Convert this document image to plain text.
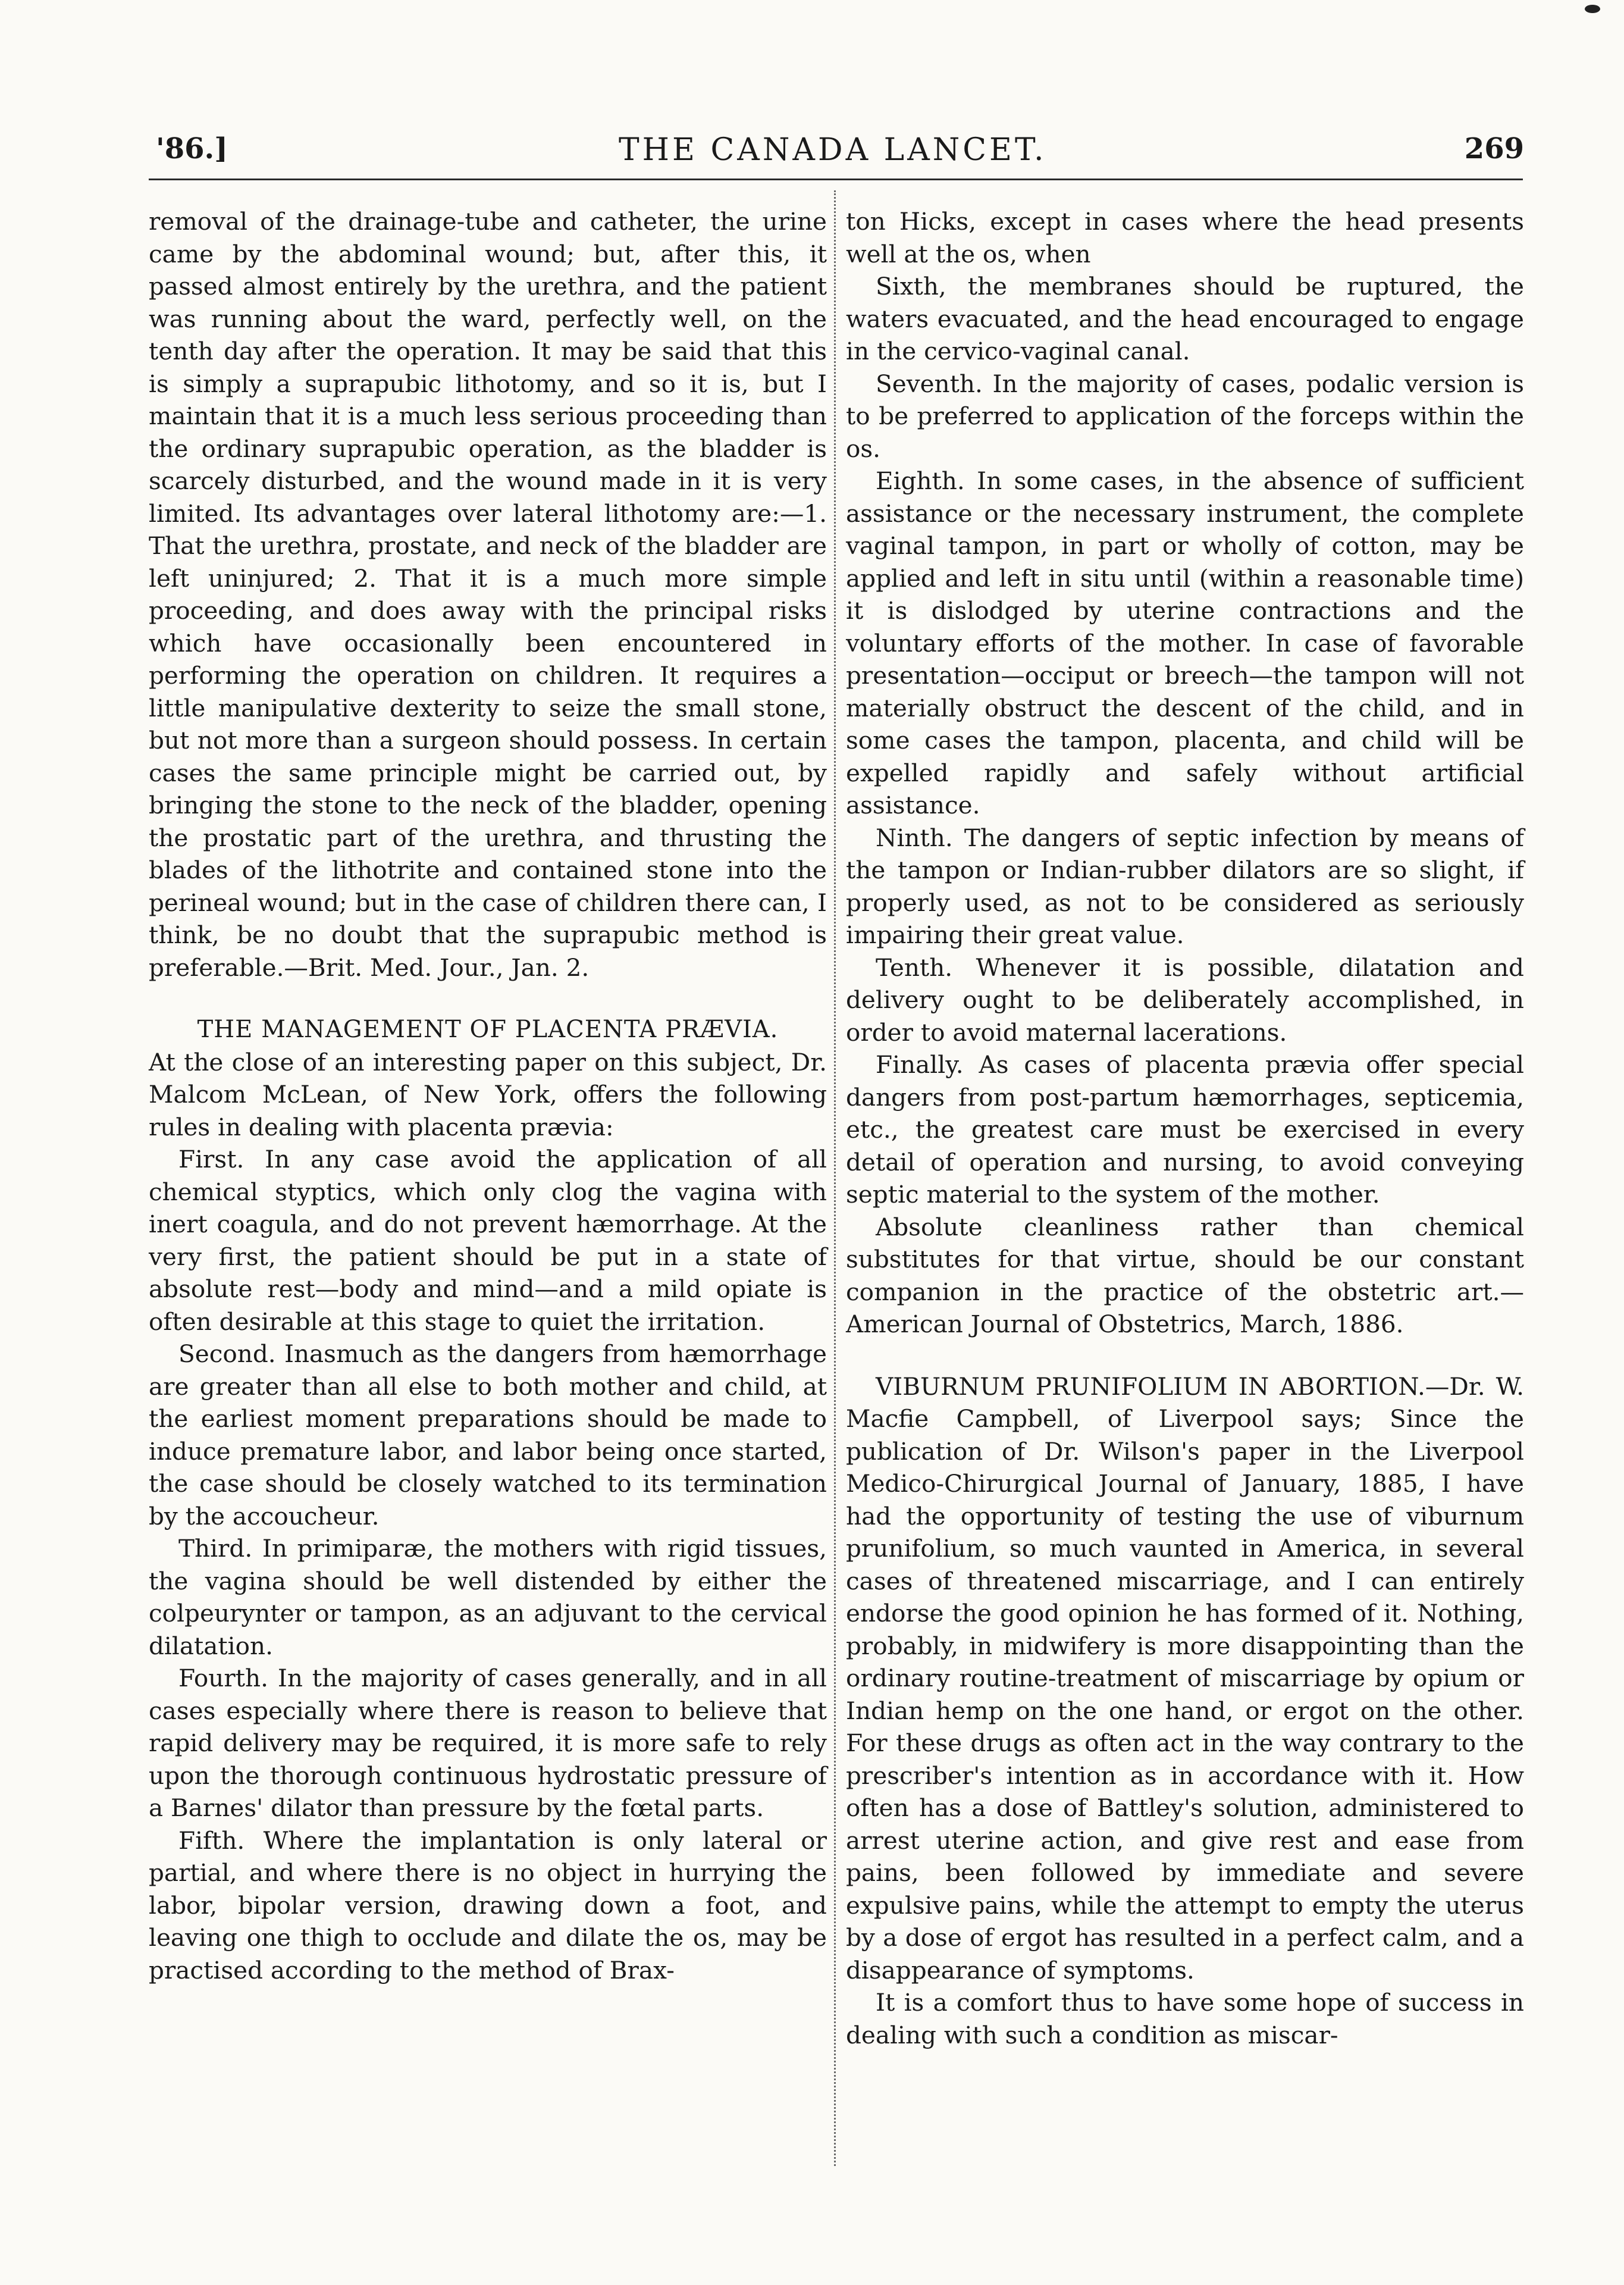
'86.]	THE CANADA LANCET.	269

removal of the drainage-tube and catheter, the urine came by the abdominal wound; but, after this, it passed almost entirely by the urethra, and the patient was running about the ward, perfectly well, on the tenth day after the operation. It may be said that this is simply a suprapubic lithotomy, and so it is, but I maintain that it is a much less serious proceeding than the ordinary suprapubic operation, as the bladder is scarcely disturbed, and the wound made in it is very limited. Its advantages over lateral lithotomy are:—1. That the urethra, prostate, and neck of the bladder are left uninjured; 2. That it is a much more simple proceeding, and does away with the principal risks which have occasionally been encountered in performing the operation on children. It requires a little manipulative dexterity to seize the small stone, but not more than a surgeon should possess. In certain cases the same principle might be carried out, by bringing the stone to the neck of the bladder, opening the prostatic part of the urethra, and thrusting the blades of the lithotrite and contained stone into the perineal wound; but in the case of children there can, I think, be no doubt that the suprapubic method is preferable.—Brit. Med. Jour., Jan. 2.

THE MANAGEMENT OF PLACENTA PRÆVIA.

At the close of an interesting paper on this subject, Dr. Malcom McLean, of New York, offers the following rules in dealing with placenta prævia:

First. In any case avoid the application of all chemical styptics, which only clog the vagina with inert coagula, and do not prevent hæmorrhage. At the very first, the patient should be put in a state of absolute rest—body and mind—and a mild opiate is often desirable at this stage to quiet the irritation.

Second. Inasmuch as the dangers from hæmorrhage are greater than all else to both mother and child, at the earliest moment preparations should be made to induce premature labor, and labor being once started, the case should be closely watched to its termination by the accoucheur.

Third. In primiparæ, the mothers with rigid tissues, the vagina should be well distended by either the colpeurynter or tampon, as an adjuvant to the cervical dilatation.

Fourth. In the majority of cases generally, and in all cases especially where there is reason to believe that rapid delivery may be required, it is more safe to rely upon the thorough continuous hydrostatic pressure of a Barnes' dilator than pressure by the fœtal parts.

Fifth. Where the implantation is only lateral or partial, and where there is no object in hurrying the labor, bipolar version, drawing down a foot, and leaving one thigh to occlude and dilate the os, may be practised according to the method of Brax-

ton Hicks, except in cases where the head presents well at the os, when

Sixth, the membranes should be ruptured, the waters evacuated, and the head encouraged to engage in the cervico-vaginal canal.

Seventh. In the majority of cases, podalic version is to be preferred to application of the forceps within the os.

Eighth. In some cases, in the absence of sufficient assistance or the necessary instrument, the complete vaginal tampon, in part or wholly of cotton, may be applied and left in situ until (within a reasonable time) it is dislodged by uterine contractions and the voluntary efforts of the mother. In case of favorable presentation—occiput or breech—the tampon will not materially obstruct the descent of the child, and in some cases the tampon, placenta, and child will be expelled rapidly and safely without artificial assistance.

Ninth. The dangers of septic infection by means of the tampon or Indian-rubber dilators are so slight, if properly used, as not to be considered as seriously impairing their great value.

Tenth. Whenever it is possible, dilatation and delivery ought to be deliberately accomplished, in order to avoid maternal lacerations.

Finally. As cases of placenta prævia offer special dangers from post-partum hæmorrhages, septicemia, etc., the greatest care must be exercised in every detail of operation and nursing, to avoid conveying septic material to the system of the mother.

Absolute cleanliness rather than chemical substitutes for that virtue, should be our constant companion in the practice of the obstetric art.—American Journal of Obstetrics, March, 1886.

VIBURNUM PRUNIFOLIUM IN ABORTION.—Dr. W. Macfie Campbell, of Liverpool says; Since the publication of Dr. Wilson's paper in the Liverpool Medico-Chirurgical Journal of January, 1885, I have had the opportunity of testing the use of viburnum prunifolium, so much vaunted in America, in several cases of threatened miscarriage, and I can entirely endorse the good opinion he has formed of it. Nothing, probably, in midwifery is more disappointing than the ordinary routine-treatment of miscarriage by opium or Indian hemp on the one hand, or ergot on the other. For these drugs as often act in the way contrary to the prescriber's intention as in accordance with it. How often has a dose of Battley's solution, administered to arrest uterine action, and give rest and ease from pains, been followed by immediate and severe expulsive pains, while the attempt to empty the uterus by a dose of ergot has resulted in a perfect calm, and a disappearance of symptoms.

It is a comfort thus to have some hope of success in dealing with such a condition as miscar-
